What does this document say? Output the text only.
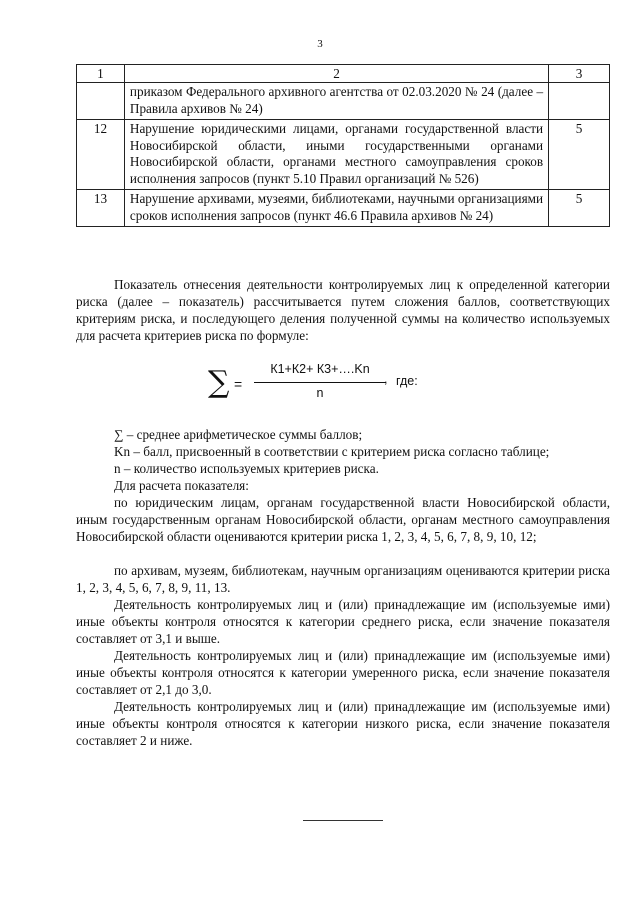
3
1	2	3
	приказом Федерального архивного агентства от 02.03.2020 № 24 (далее – Правила архивов № 24)	
12	Нарушение юридическими лицами, органами государственной власти Новосибирской области, иными государственными органами Новосибирской области, органами местного самоуправления сроков исполнения запросов (пункт 5.10 Правил организаций № 526)	5
13	Нарушение архивами, музеями, библиотеками, научными организациями сроков исполнения запросов (пункт 46.6 Правила архивов № 24)	5

Показатель отнесения деятельности контролируемых лиц к определенной категории риска (далее – показатель) рассчитывается путем сложения баллов, соответствующих критериям риска, и последующего деления полученной суммы на количество используемых для расчета критериев риска по формуле:

∑ =
К1+К2+ К3+….Kn
n
, где:

∑ – среднее арифметическое суммы баллов;

Kn – балл, присвоенный в соответствии с критерием риска согласно таблице;

n – количество используемых критериев риска.

Для расчета показателя:

по юридическим лицам, органам государственной власти Новосибирской области, иным государственным органам Новосибирской области, органам местного самоуправления Новосибирской области оцениваются критерии риска 1, 2, 3, 4, 5, 6, 7, 8, 9, 10, 12;

по архивам, музеям, библиотекам, научным организациям оцениваются критерии риска 1, 2, 3, 4, 5, 6, 7, 8, 9, 11, 13.

Деятельность контролируемых лиц и (или) принадлежащие им (используемые ими) иные объекты контроля относятся к категории среднего риска, если значение показателя составляет от 3,1 и выше.

Деятельность контролируемых лиц и (или) принадлежащие им (используемые ими) иные объекты контроля относятся к категории умеренного риска, если значение показателя составляет от 2,1 до 3,0.

Деятельность контролируемых лиц и (или) принадлежащие им (используемые ими) иные объекты контроля относятся к категории низкого риска, если значение показателя составляет 2 и ниже.
